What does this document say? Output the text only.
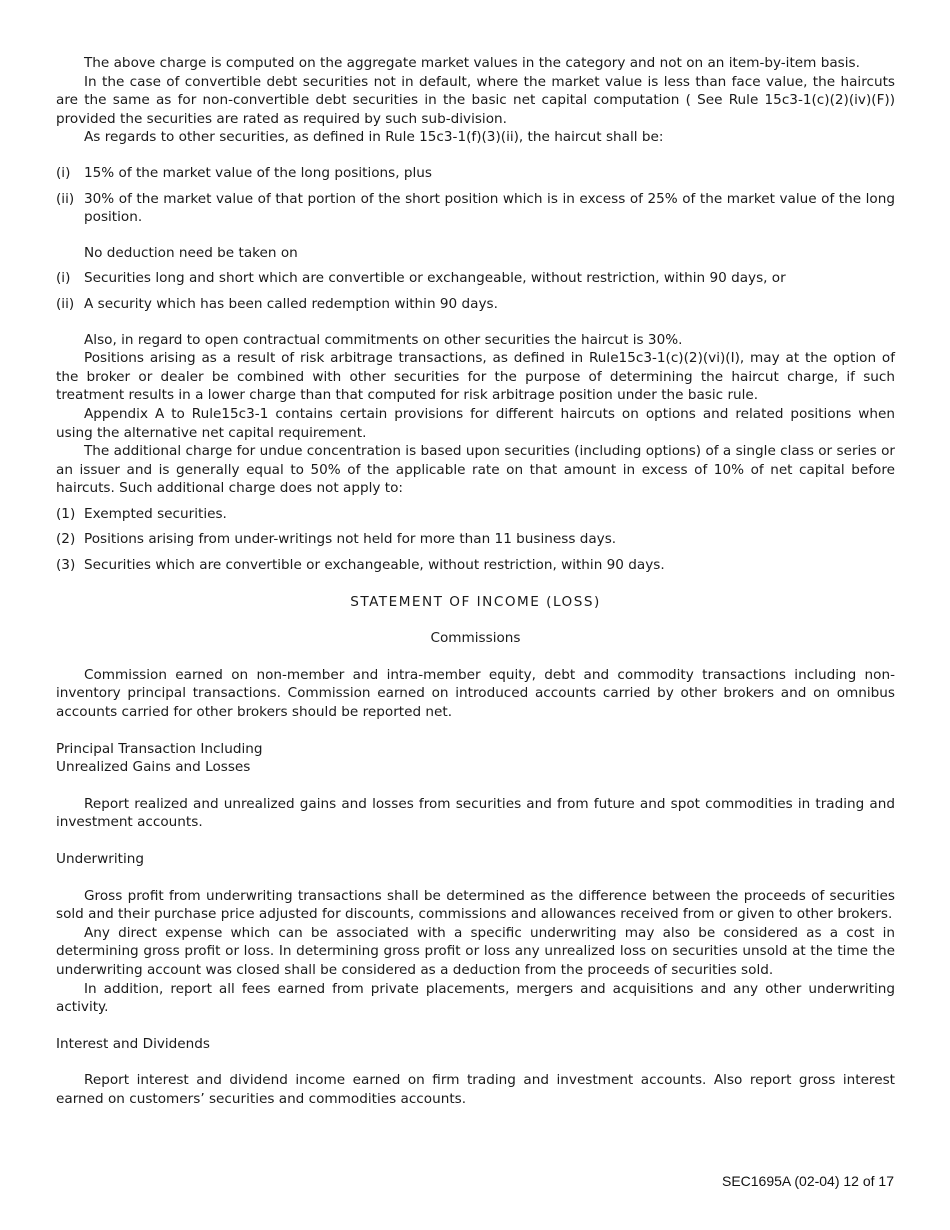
The above charge is computed on the aggregate market values in the category and not on an item-by-item basis.

In the case of convertible debt securities not in default, where the market value is less than face value, the haircuts are the same as for non-convertible debt securities in the basic net capital computation ( See Rule 15c3-1(c)(2)(iv)(F)) provided the securities are rated as required by such sub-division.

As regards to other securities, as defined in Rule 15c3-1(f)(3)(ii), the haircut shall be:

(i)	15% of the market value of the long positions, plus
(ii) 30% of the market value of that portion of the short position which is in excess of 25% of the market value of the long position.

No deduction need be taken on

(i)	Securities long and short which are convertible or exchangeable, without restriction, within 90 days, or
(ii) A security which has been called redemption within 90 days.

Also, in regard to open contractual commitments on other securities the haircut is 30%.

Positions arising as a result of risk arbitrage transactions, as defined in Rule15c3-1(c)(2)(vi)(I), may at the option of the broker or dealer be combined with other securities for the purpose of determining the haircut charge, if such treatment results in a lower charge than that computed for risk arbitrage position under the basic rule.

Appendix A to Rule15c3-1 contains certain provisions for different haircuts on options and related positions when using the alternative net capital requirement.

The additional charge for undue concentration is based upon securities (including options) of a single class or series or an issuer and is generally equal to 50% of the applicable rate on that amount in excess of 10% of net capital before haircuts. Such additional charge does not apply to:

(1) Exempted securities.
(2) Positions arising from under-writings not held for more than 11 business days.
(3) Securities which are convertible or exchangeable, without restriction, within 90 days.

STATEMENT OF INCOME (LOSS)

Commissions

Commission earned on non-member and intra-member equity, debt and commodity transactions including non-inventory principal transactions. Commission earned on introduced accounts carried by other brokers and on omnibus accounts carried for other brokers should be reported net.

Principal Transaction Including
Unrealized Gains and Losses

Report realized and unrealized gains and losses from securities and from future and spot commodities in trading and investment accounts.

Underwriting

Gross profit from underwriting transactions shall be determined as the difference between the proceeds of securities sold and their purchase price adjusted for discounts, commissions and allowances received from or given to other brokers.

Any direct expense which can be associated with a specific underwriting may also be considered as a cost in determining gross profit or loss. In determining gross profit or loss any unrealized loss on securities unsold at the time the underwriting account was closed shall be considered as a deduction from the proceeds of securities sold.

In addition, report all fees earned from private placements, mergers and acquisitions and any other underwriting activity.

Interest and Dividends

Report interest and dividend income earned on firm trading and investment accounts. Also report gross interest earned on customers’ securities and commodities accounts.

SEC1695A (02-04) 12 of 17
